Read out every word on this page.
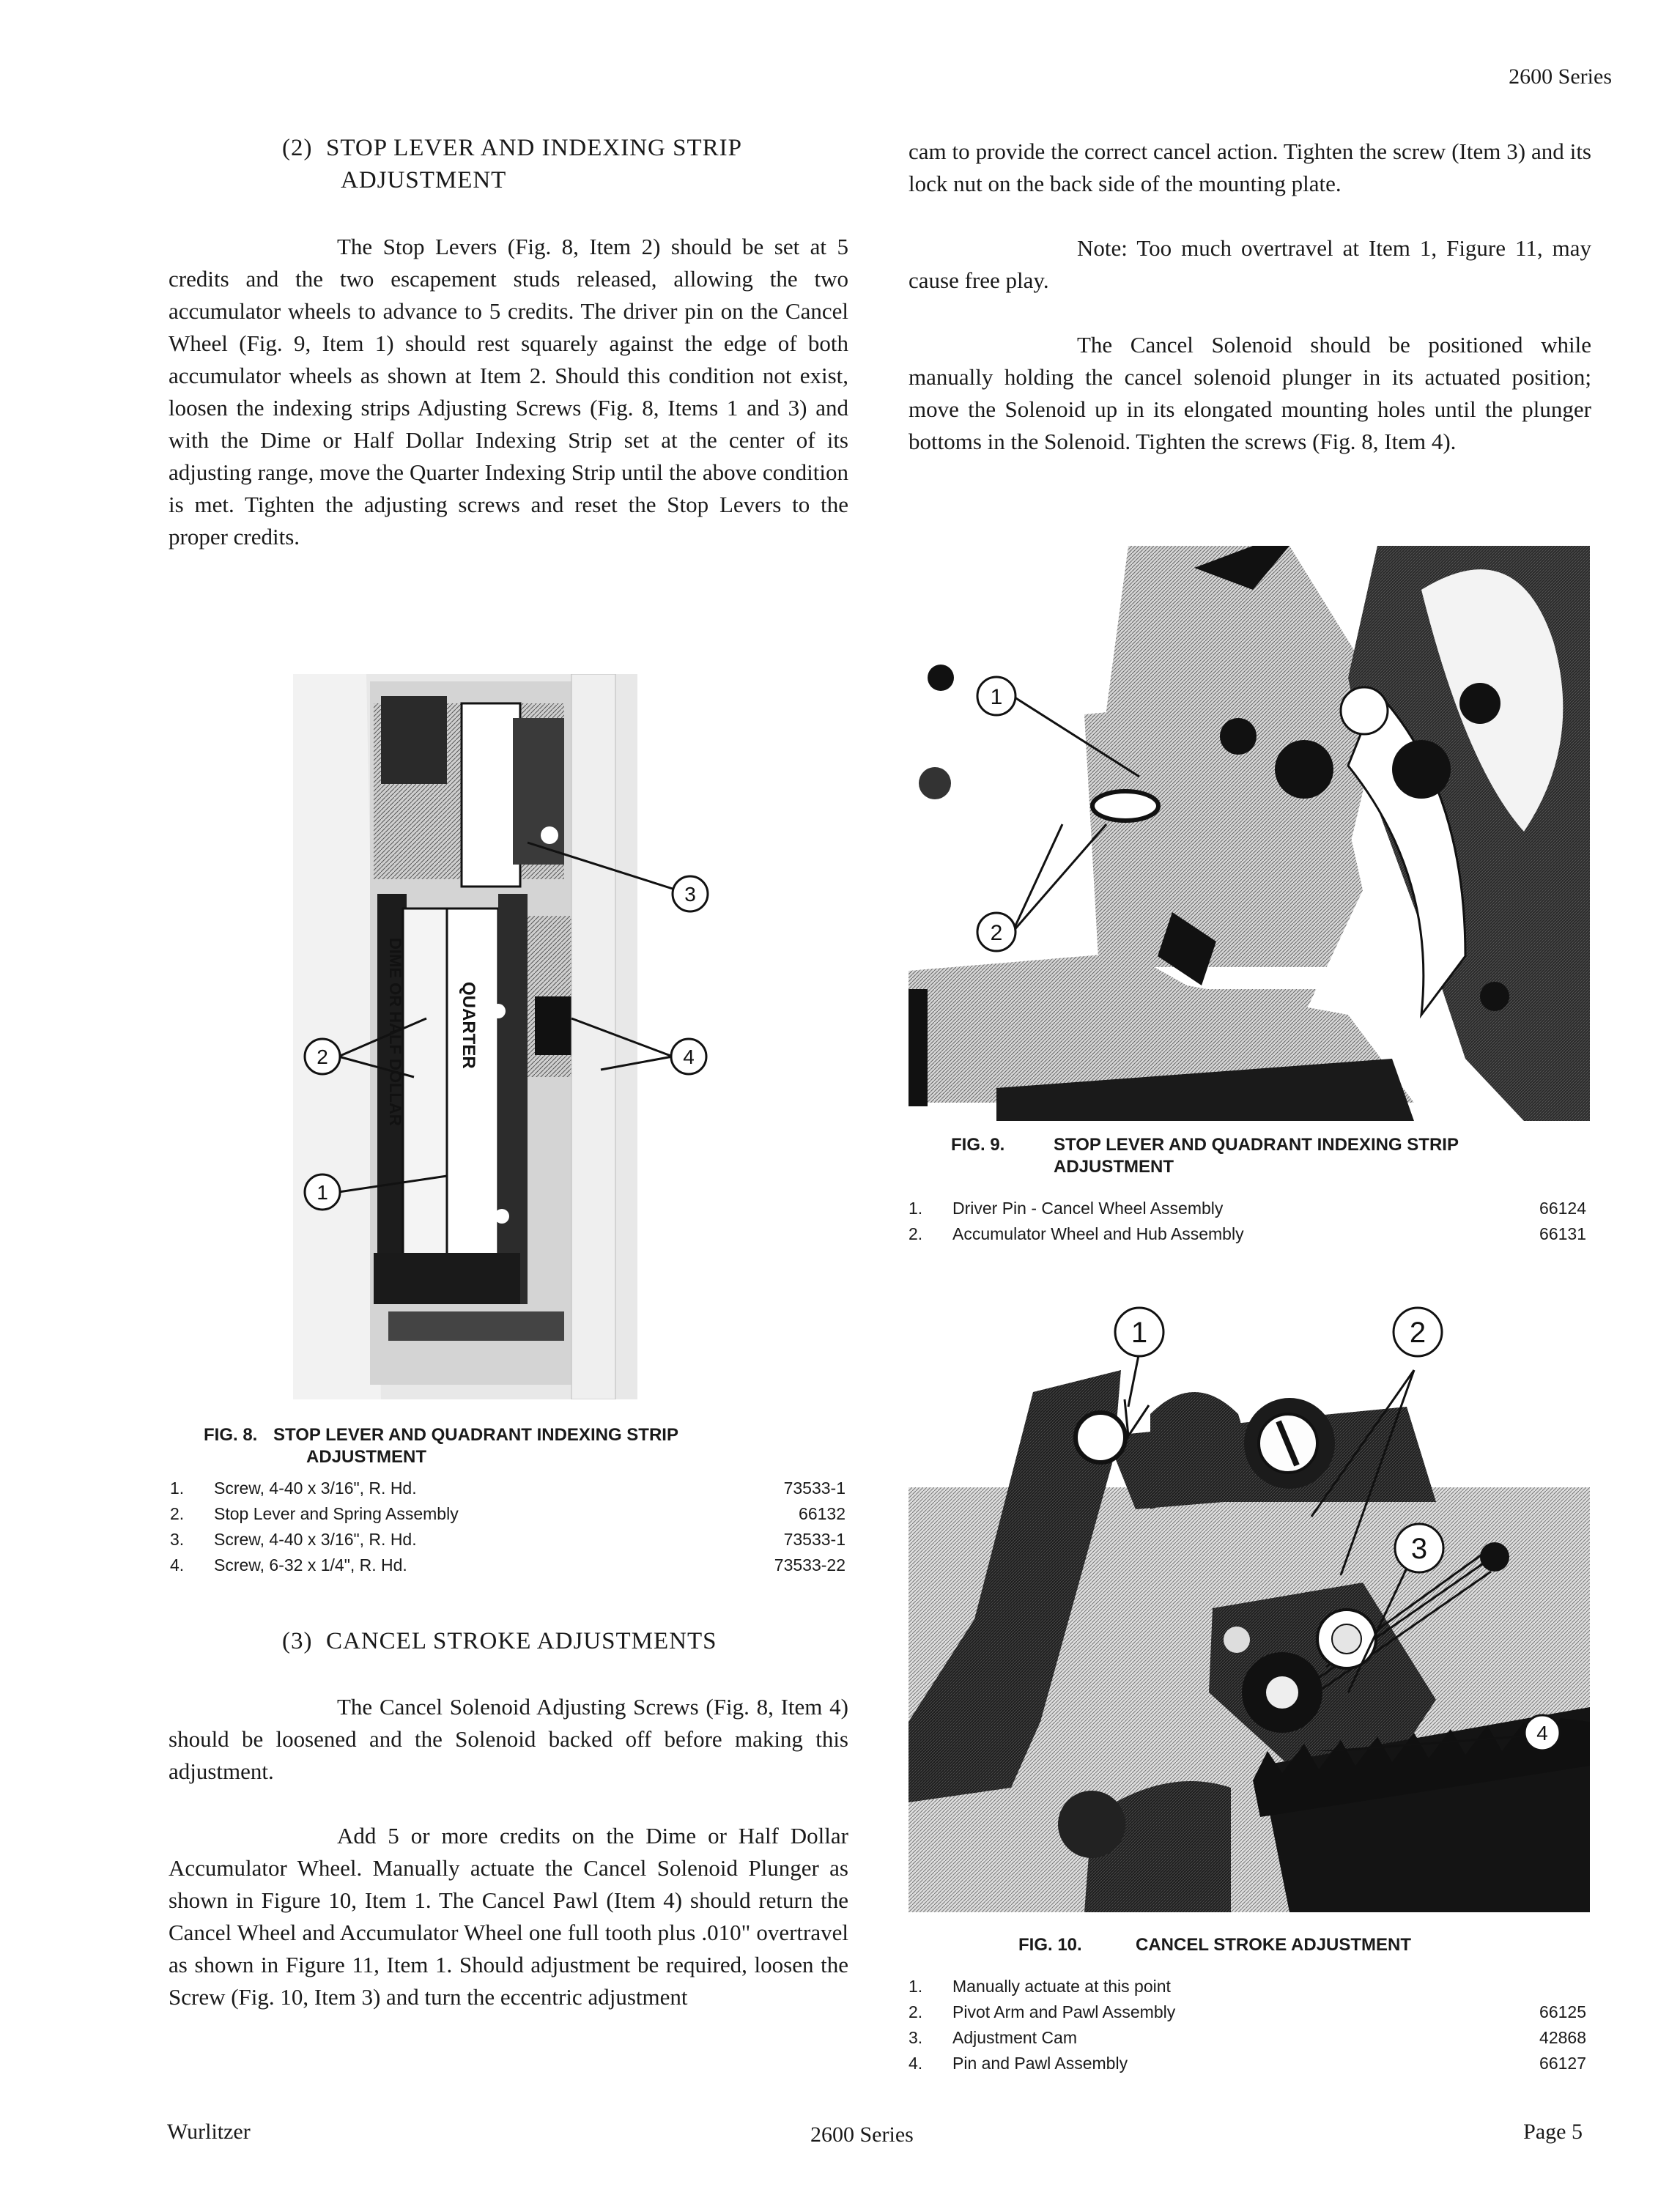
2600 Series
(2) STOP LEVER AND INDEXING STRIP
ADJUSTMENT

The Stop Levers (Fig. 8, Item 2) should be set at 5 credits and the two escapement studs released, allowing the two accumulator wheels to advance to 5 credits. The driver pin on the Cancel Wheel (Fig. 9, Item 1) should rest squarely against the edge of both accumulator wheels as shown at Item 2. Should this condition not exist, loosen the indexing strips Adjusting Screws (Fig. 8, Items 1 and 3) and with the Dime or Half Dollar Indexing Strip set at the center of its adjusting range, move the Quarter Indexing Strip until the above condition is met. Tighten the adjusting screws and reset the Stop Levers to the proper credits.

DIME OR HALF DOLLAR	QUARTER
3
2	4
1
FIG. 8. STOP LEVER AND QUADRANT INDEXING STRIP
ADJUSTMENT
1.	Screw, 4-40 x 3/16", R. Hd.	73533-1
2.	Stop Lever and Spring Assembly	66132
3.	Screw, 4-40 x 3/16", R. Hd.	73533-1
4.	Screw, 6-32 x 1/4", R. Hd.	73533-22
(3) CANCEL STROKE ADJUSTMENTS

The Cancel Solenoid Adjusting Screws (Fig. 8, Item 4) should be loosened and the Solenoid backed off before making this adjustment.

Add 5 or more credits on the Dime or Half Dollar Accumulator Wheel. Manually actuate the Cancel Solenoid Plunger as shown in Figure 10, Item 1. The Cancel Pawl (Item 4) should return the Cancel Wheel and Accumulator Wheel one full tooth plus .010" overtravel as shown in Figure 11, Item 1. Should adjustment be required, loosen the Screw (Fig. 10, Item 3) and turn the eccentric adjustment

cam to provide the correct cancel action. Tighten the screw (Item 3) and its lock nut on the back side of the mounting plate.

Note: Too much overtravel at Item 1, Figure 11, may cause free play.

The Cancel Solenoid should be positioned while manually holding the cancel solenoid plunger in its actuated position; move the Solenoid up in its elongated mounting holes until the plunger bottoms in the Solenoid. Tighten the screws (Fig. 8, Item 4).

1
2
FIG. 9.	STOP LEVER AND QUADRANT INDEXING STRIP
ADJUSTMENT
1.	Driver Pin - Cancel Wheel Assembly	66124
2.	Accumulator Wheel and Hub Assembly	66131
1	2
3
4
FIG. 10.	CANCEL STROKE ADJUSTMENT
1.	Manually actuate at this point
2.	Pivot Arm and Pawl Assembly	66125
3.	Adjustment Cam	42868
4.	Pin and Pawl Assembly	66127
Wurlitzer	2600 Series	Page 5
